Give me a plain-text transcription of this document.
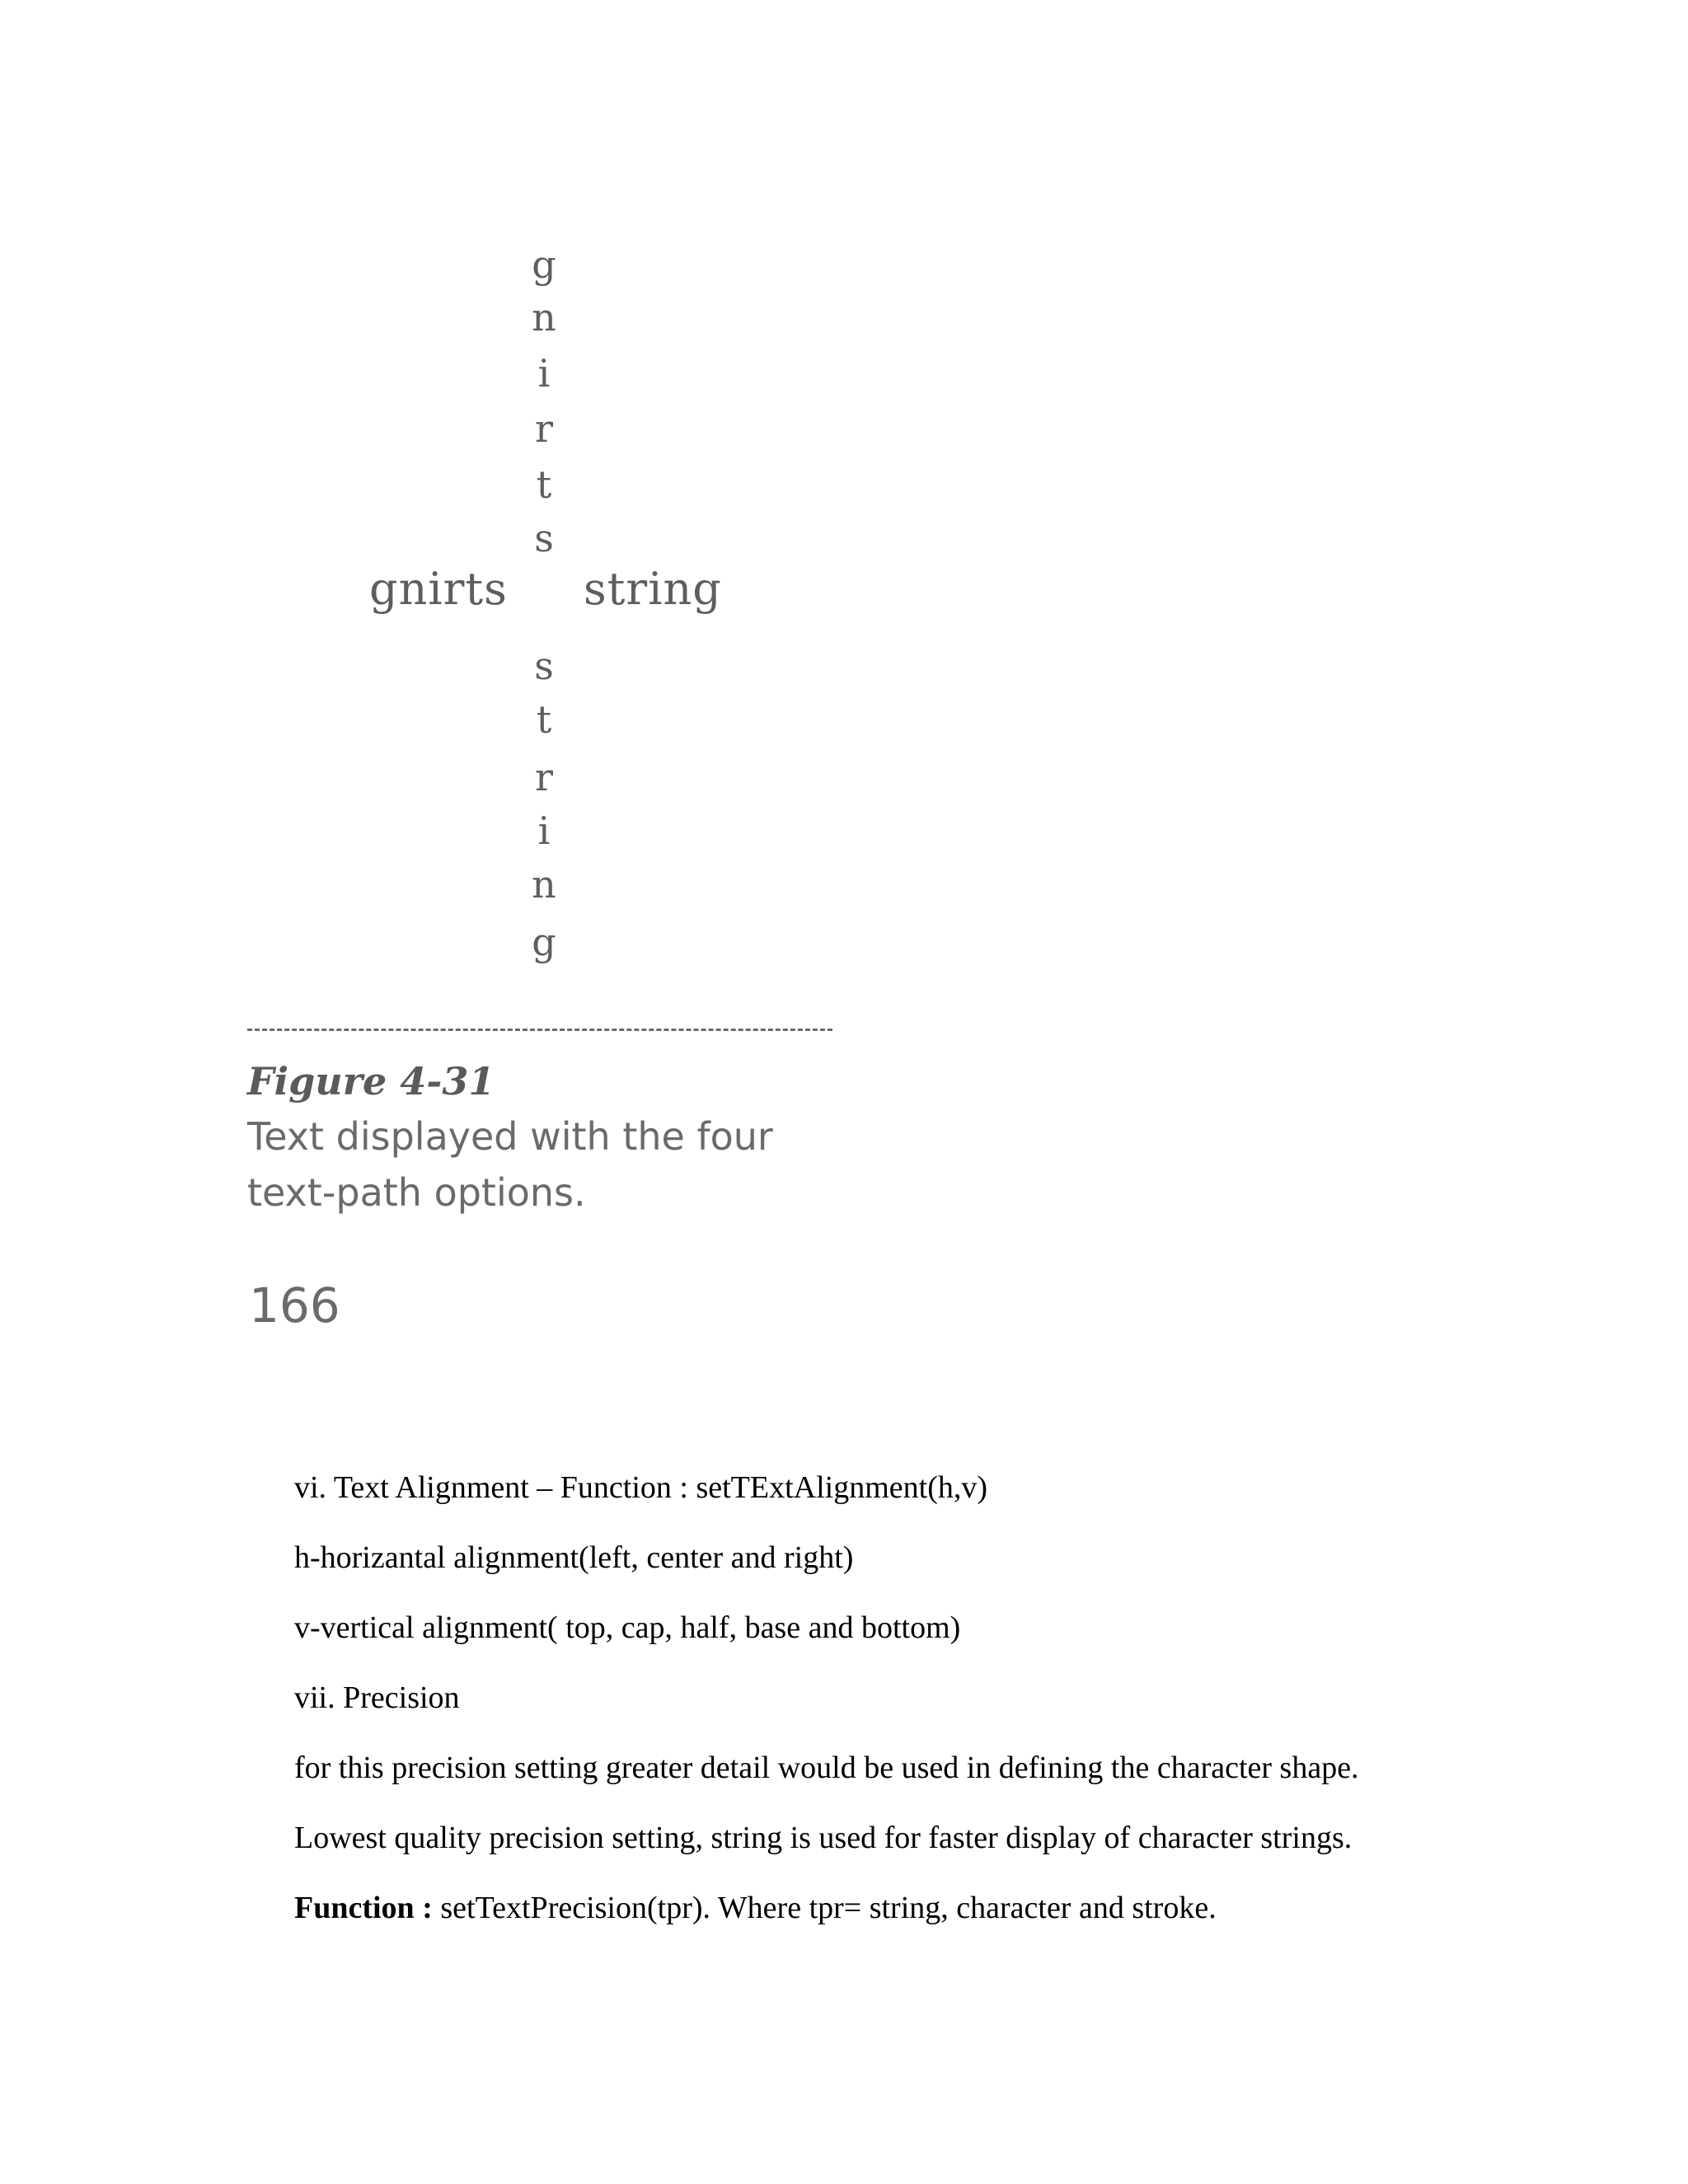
g
n
i
r
t
s
gnirts string
s
t
r
i
n
g
Figure 4-31
Text displayed with the four
text-path options.
166
vi. Text Alignment – Function : setTExtAlignment(h,v)
h-horizantal alignment(left, center and right)
v-vertical alignment( top, cap, half, base and bottom)
vii. Precision
for this precision setting greater detail would be used in defining the character shape.
Lowest quality precision setting, string is used for faster display of character strings.
Function : setTextPrecision(tpr). Where tpr= string, character and stroke.
